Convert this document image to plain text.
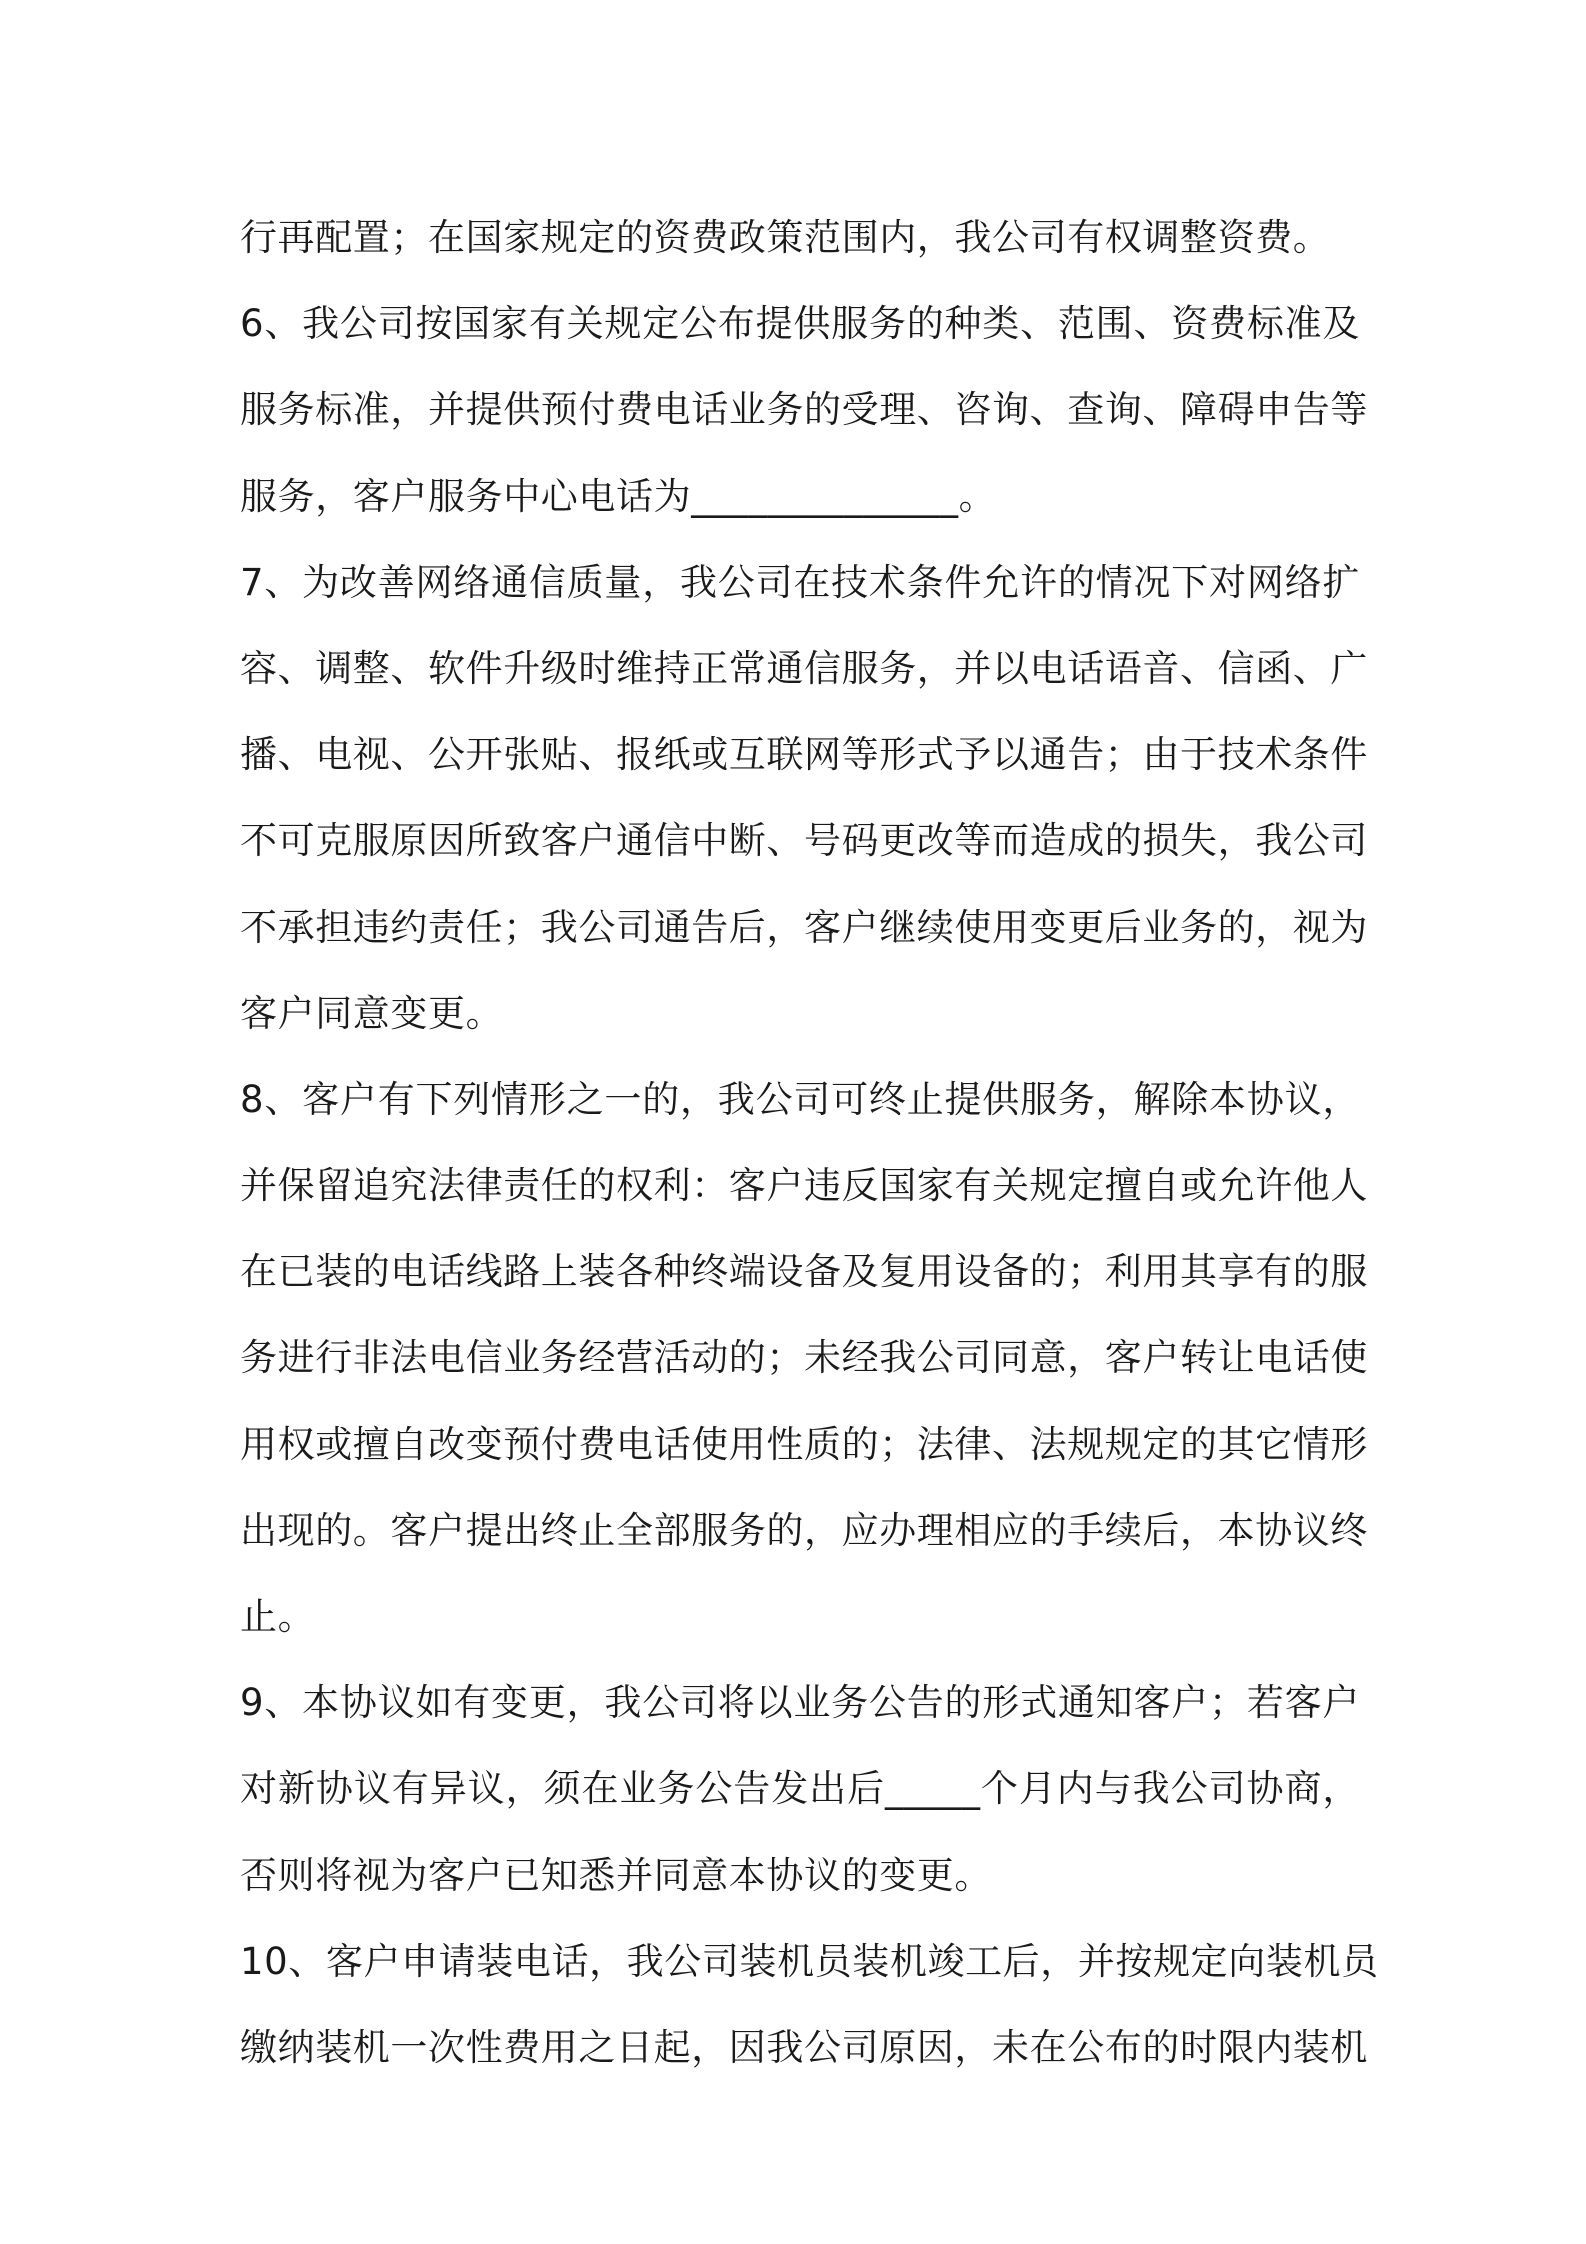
行再配置；在国家规定的资费政策范围内，我公司有权调整资费。
6、我公司按国家有关规定公布提供服务的种类、范围、资费标准及
服务标准，并提供预付费电话业务的受理、咨询、查询、障碍申告等
服务，客户服务中心电话为______________。
7、为改善网络通信质量，我公司在技术条件允许的情况下对网络扩
容、调整、软件升级时维持正常通信服务，并以电话语音、信函、广
播、电视、公开张贴、报纸或互联网等形式予以通告；由于技术条件
不可克服原因所致客户通信中断、号码更改等而造成的损失，我公司
不承担违约责任；我公司通告后，客户继续使用变更后业务的，视为
客户同意变更。
8、客户有下列情形之一的，我公司可终止提供服务，解除本协议，
并保留追究法律责任的权利：客户违反国家有关规定擅自或允许他人
在已装的电话线路上装各种终端设备及复用设备的；利用其享有的服
务进行非法电信业务经营活动的；未经我公司同意，客户转让电话使
用权或擅自改变预付费电话使用性质的；法律、法规规定的其它情形
出现的。客户提出终止全部服务的，应办理相应的手续后，本协议终
止。
9、本协议如有变更，我公司将以业务公告的形式通知客户；若客户
对新协议有异议，须在业务公告发出后_____个月内与我公司协商，
否则将视为客户已知悉并同意本协议的变更。
10、客户申请装电话，我公司装机员装机竣工后，并按规定向装机员
缴纳装机一次性费用之日起，因我公司原因，未在公布的时限内装机
